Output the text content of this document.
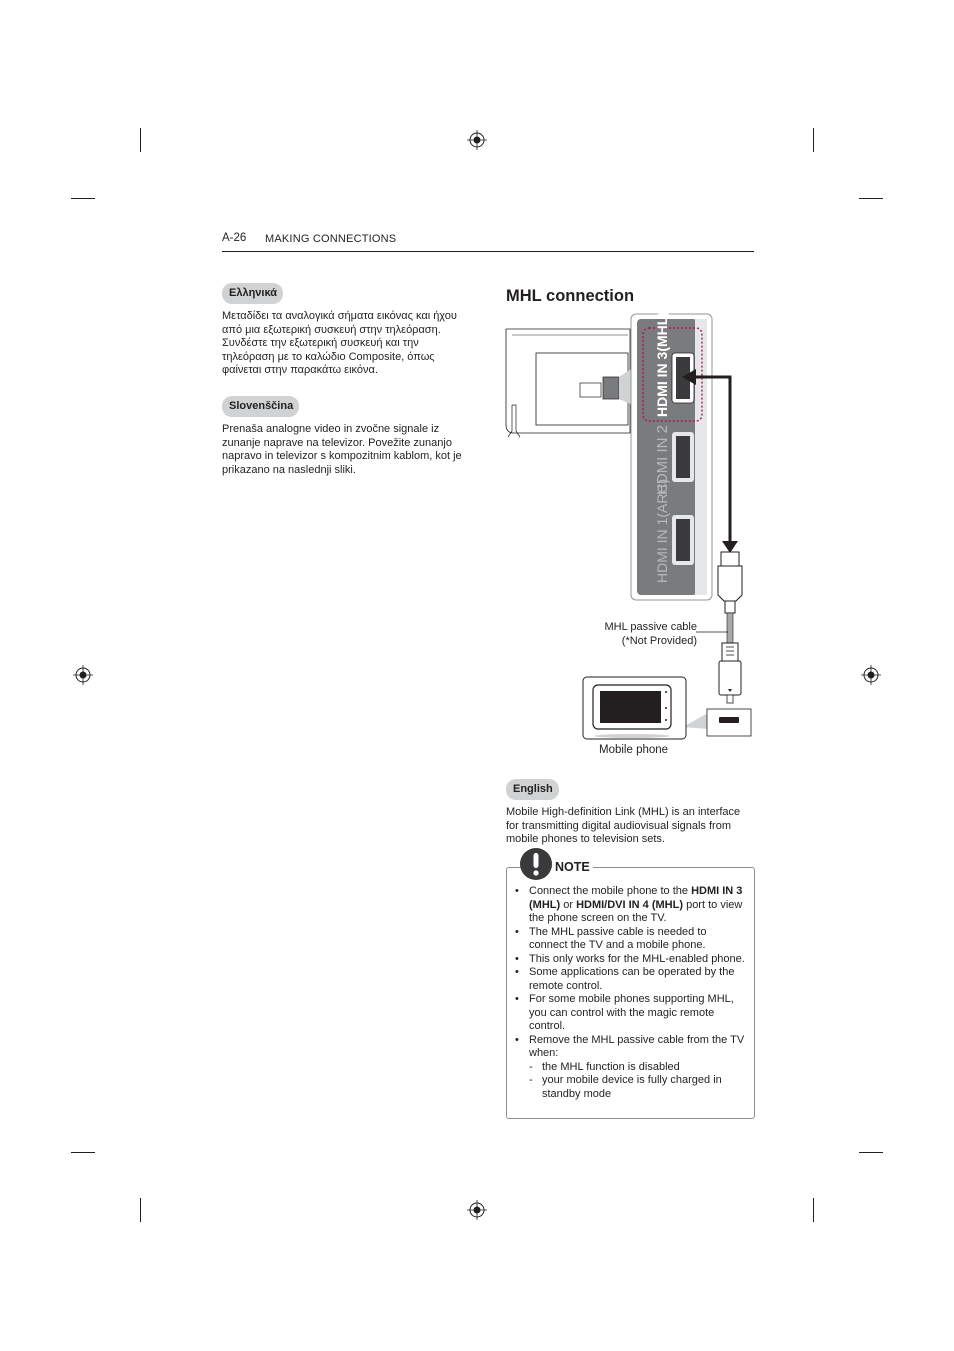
A-26 MAKING CONNECTIONS
Ελληνικά
Μεταδίδει τα αναλογικά σήματα εικόνας και ήχου
από μια εξωτερική συσκευή στην τηλεόραση.
Συνδέστε την εξωτερική συσκευή και την
τηλεόραση με το καλώδιο Composite, όπως
φαίνεται στην παρακάτω εικόνα.
Slovenščina
Prenaša analogne video in zvočne signale iz
zunanje naprave na televizor. Povežite zunanjo
napravo in televizor s kompozitnim kablom, kot je
prikazano na naslednji sliki.
MHL connection
HDMI IN 3(MHL)
HDMI IN 2
HDMI IN 1(ARC)
MHL passive cable
(*Not Provided)
Mobile phone
English
Mobile High-definition Link (MHL) is an interface
for transmitting digital audiovisual signals from
mobile phones to television sets.
NOTE
• Connect the mobile phone to the HDMI IN 3 (MHL) or HDMI/DVI IN 4 (MHL) port to view the phone screen on the TV.
• The MHL passive cable is needed to connect the TV and a mobile phone.
• This only works for the MHL-enabled phone.
• Some applications can be operated by the remote control.
• For some mobile phones supporting MHL, you can control with the magic remote control.
• Remove the MHL passive cable from the TV when:
- the MHL function is disabled
- your mobile device is fully charged in standby mode
